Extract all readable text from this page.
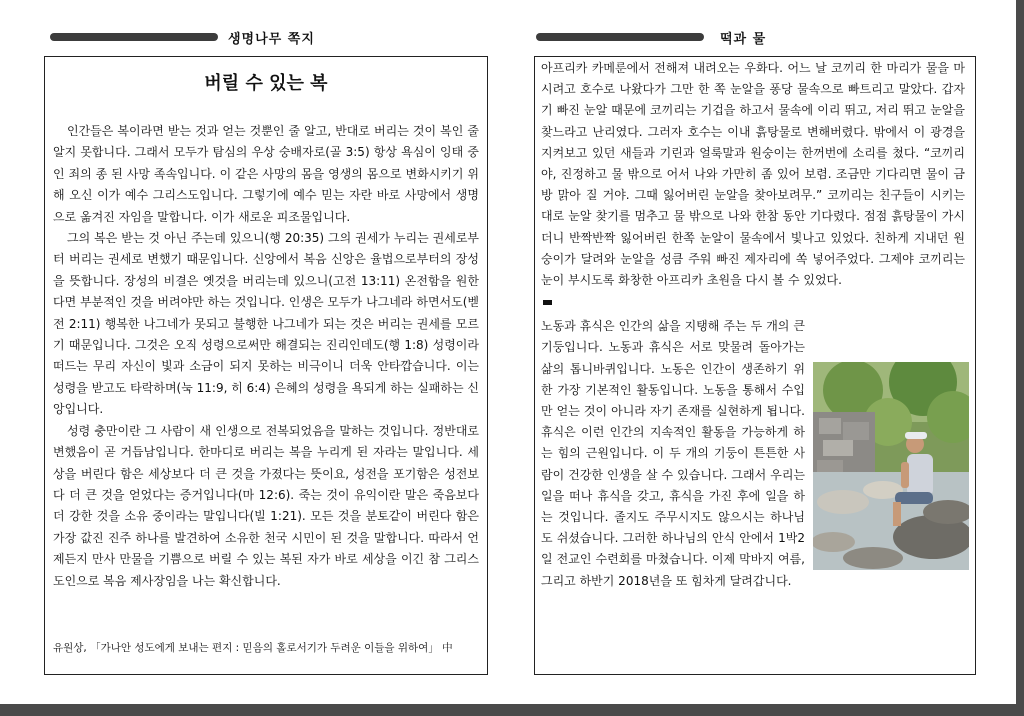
생명나무 쪽지	떡과 물
버릴 수 있는 복

인간들은 복이라면 받는 것과 얻는 것뿐인 줄 알고, 반대로 버리는 것이 복인 줄 알지 못합니다. 그래서 모두가 탐심의 우상 숭배자로(골 3:5) 항상 욕심이 잉태 중인 죄의 종 된 사망 족속입니다. 이 같은 사망의 몸을 영생의 몸으로 변화시키기 위해 오신 이가 예수 그리스도입니다. 그렇기에 예수 믿는 자란 바로 사망에서 생명으로 옮겨진 자임을 말합니다. 이가 새로운 피조물입니다.

그의 복은 받는 것 아닌 주는데 있으니(행 20:35) 그의 권세가 누리는 권세로부터 버리는 권세로 변했기 때문입니다. 신앙에서 복음 신앙은 율법으로부터의 장성을 뜻합니다. 장성의 비결은 옛것을 버리는데 있으니(고전 13:11) 온전함을 원한다면 부분적인 것을 버려야만 하는 것입니다. 인생은 모두가 나그네라 하면서도(벧전 2:11) 행복한 나그네가 못되고 불행한 나그네가 되는 것은 버리는 권세를 모르기 때문입니다. 그것은 오직 성령으로써만 해결되는 진리인데도(행 1:8) 성령이라 떠드는 무리 자신이 빛과 소금이 되지 못하는 비극이니 더욱 안타깝습니다. 이는 성령을 받고도 타락하며(눅 11:9, 히 6:4) 은혜의 성령을 욕되게 하는 실패하는 신앙입니다.

성령 충만이란 그 사람이 새 인생으로 전복되었음을 말하는 것입니다. 정반대로 변했음이 곧 거듭남입니다. 한마디로 버리는 복을 누리게 된 자라는 말입니다. 세상을 버린다 함은 세상보다 더 큰 것을 가졌다는 뜻이요, 성전을 포기함은 성전보다 더 큰 것을 얻었다는 증거입니다(마 12:6). 죽는 것이 유익이란 말은 죽음보다 더 강한 것을 소유 중이라는 말입니다(빌 1:21). 모든 것을 분토같이 버린다 함은 가장 값진 진주 하나를 발견하여 소유한 천국 시민이 된 것을 말합니다. 따라서 언제든지 만사 만물을 기쁨으로 버릴 수 있는 복된 자가 바로 세상을 이긴 참 그리스도인으로 복음 제사장임을 나는 확신합니다.

유원상, 「가나안 성도에게 보내는 편지 : 믿음의 홀로서기가 두려운 이들을 위하여」 中

아프리카 카메룬에서 전해져 내려오는 우화다. 어느 날 코끼리 한 마리가 물을 마시려고 호수로 나왔다가 그만 한 쪽 눈알을 퐁당 물속으로 빠트리고 말았다. 갑자기 빠진 눈알 때문에 코끼리는 기겁을 하고서 물속에 이리 뛰고, 저리 뛰고 눈알을 찾느라고 난리였다. 그러자 호수는 이내 흙탕물로 변해버렸다. 밖에서 이 광경을 지켜보고 있던 새들과 기린과 얼룩말과 원숭이는 한꺼번에 소리를 쳤다. “코끼리야, 진정하고 물 밖으로 어서 나와 가만히 좀 있어 보렴. 조금만 기다리면 물이 금방 맑아 질 거야. 그때 잃어버린 눈알을 찾아보려무.” 코끼리는 친구들이 시키는 대로 눈알 찾기를 멈추고 물 밖으로 나와 한참 동안 기다렸다. 점점 흙탕물이 가시더니 반짝반짝 잃어버린 한쪽 눈알이 물속에서 빛나고 있었다. 친하게 지내던 원숭이가 달려와 눈알을 성큼 주워 빠진 제자리에 쏙 넣어주었다. 그제야 코끼리는 눈이 부시도록 화창한 아프리카 초원을 다시 볼 수 있었다.

노동과 휴식은 인간의 삶을 지탱해 주는 두 개의 큰 기둥입니다. 노동과 휴식은 서로 맞물려 돌아가는 삶의 톱니바퀴입니다. 노동은 인간이 생존하기 위한 가장 기본적인 활동입니다. 노동을 통해서 수입만 얻는 것이 아니라 자기 존재를 실현하게 됩니다. 휴식은 이런 인간의 지속적인 활동을 가능하게 하는 힘의 근원입니다. 이 두 개의 기둥이 튼튼한 사람이 건강한 인생을 살 수 있습니다. 그래서 우리는 일을 떠나 휴식을 갖고, 휴식을 가진 후에 일을 하는 것입니다. 졸지도 주무시지도 않으시는 하나님도 쉬셨습니다. 그러한 하나님의 안식 안에서 1박2일 전교인 수련회를 마쳤습니다. 이제 막바지 여름, 그리고 하반기 2018년을 또 힘차게 달려갑니다.
